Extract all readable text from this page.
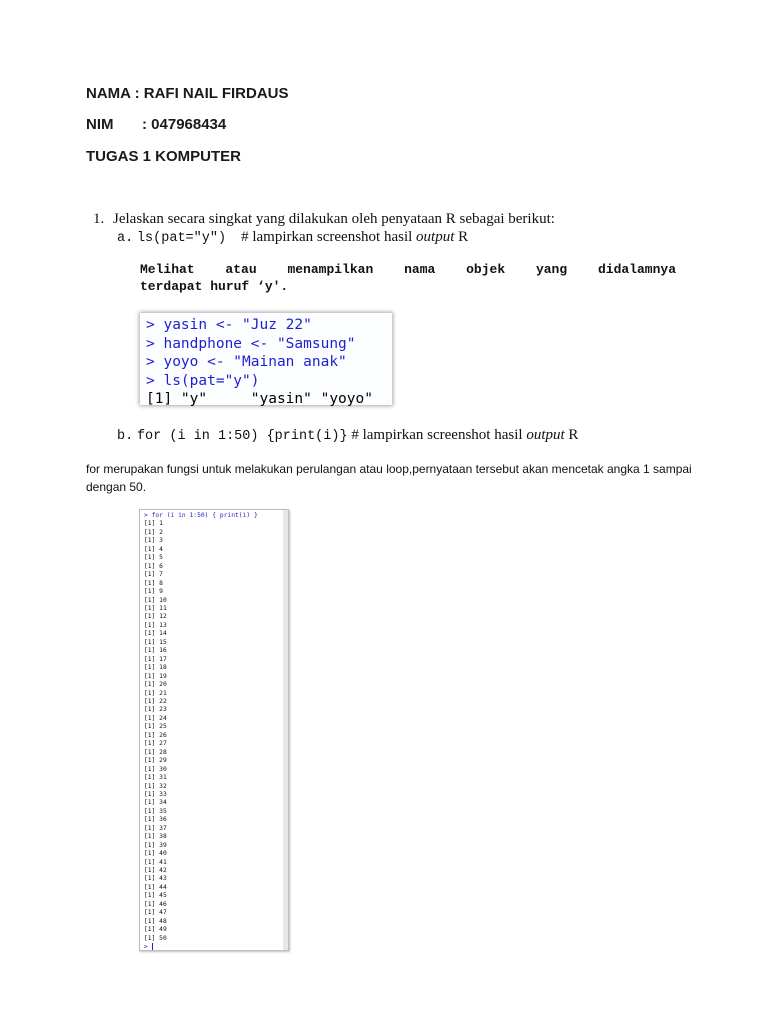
NAMA : RAFI NAIL FIRDAUS
NIM : 047968434
TUGAS 1 KOMPUTER
1. Jelaskan secara singkat yang dilakukan oleh penyataan R sebagai berikut:
a. ls(pat="y") # lampirkan screenshot hasil output R
Melihat atau menampilkan nama objek yang didalamnya
terdapat huruf ‘y'.
> yasin <- "Juz 22"
> handphone <- "Samsung"
> yoyo <- "Mainan anak"
> ls(pat="y")
[1] "y"     "yasin" "yoyo"
b. for (i in 1:50) {print(i)} # lampirkan screenshot hasil output R
for merupakan fungsi untuk melakukan perulangan atau loop,pernyataan tersebut akan mencetak angka 1 sampai dengan 50.
> for (i in 1:50) { print(i) }
[1] 1
[1] 2
[1] 3
[1] 4
[1] 5
[1] 6
[1] 7
[1] 8
[1] 9
[1] 10
[1] 11
[1] 12
[1] 13
[1] 14
[1] 15
[1] 16
[1] 17
[1] 18
[1] 19
[1] 20
[1] 21
[1] 22
[1] 23
[1] 24
[1] 25
[1] 26
[1] 27
[1] 28
[1] 29
[1] 30
[1] 31
[1] 32
[1] 33
[1] 34
[1] 35
[1] 36
[1] 37
[1] 38
[1] 39
[1] 40
[1] 41
[1] 42
[1] 43
[1] 44
[1] 45
[1] 46
[1] 47
[1] 48
[1] 49
[1] 50
>
